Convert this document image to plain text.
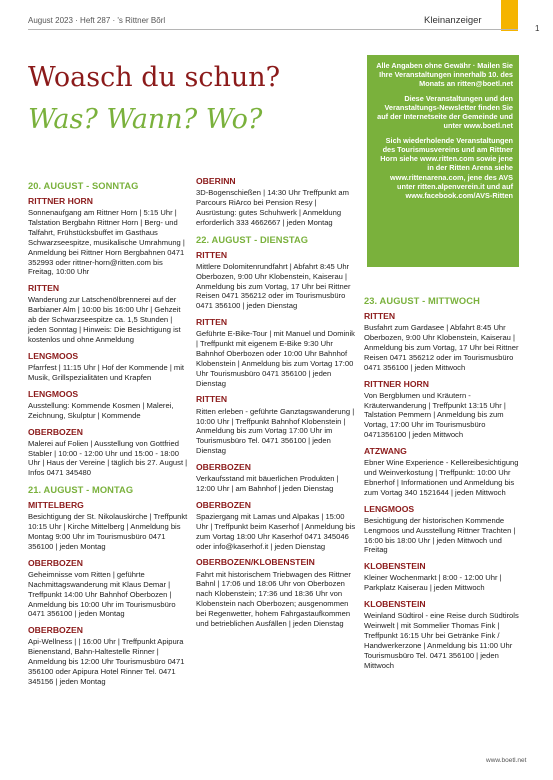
August 2023 · Heft 287 · 's Rittner Bõrl	Kleinanzeiger
1
Woasch du schun?
Was? Wann? Wo?

Alle Angaben ohne Gewähr · Mailen Sie Ihre Veranstaltungen innerhalb 10. des Monats an ritten@boetl.net

Diese Veranstaltungen und den Veranstaltungs-Newsletter finden Sie auf der Internetseite der Gemeinde und unter www.boetl.net

Sich wiederholende Veranstaltungen des Tourismusvereins und am Rittner Horn siehe www.ritten.com sowie jene in der Ritten Arena siehe www.rittenarena.com, jene des AVS unter ritten.alpenverein.it und auf www.facebook.com/AVS-Ritten

20. AUGUST - SONNTAG
RITTNER HORN

Sonnenaufgang am Rittner Horn | 5:15 Uhr | Talstation Bergbahn Rittner Horn | Berg- und Talfahrt, Frühstücksbuffet im Gasthaus Schwarzseespitze, musikalische Umrahmung | Anmeldung bei Rittner Horn Bergbahnen 0471 352993 oder rittner-horn@ritten.com bis Freitag, 10:00 Uhr

RITTEN

Wanderung zur Latschenölbrennerei auf der Barbianer Alm | 10:00 bis 16:00 Uhr | Gehzeit ab der Schwarzseespitze ca. 1,5 Stunden | jeden Sonntag | Hinweis: Die Besichtigung ist kostenlos und ohne Anmeldung

LENGMOOS

Pfarrfest | 11:15 Uhr | Hof der Kommende | mit Musik, Grillspezialitäten und Krapfen

LENGMOOS

Ausstellung: Kommende Kosmen | Malerei, Zeichnung, Skulptur | Kommende

OBERBOZEN

Malerei auf Folien | Ausstellung von Gottfried Stabler | 10:00 - 12:00 Uhr und 15:00 - 18:00 Uhr | Haus der Vereine | täglich bis 27. August | Infos 0471 345480

21. AUGUST - MONTAG
MITTELBERG

Besichtigung der St. Nikolauskirche | Treffpunkt 10:15 Uhr | Kirche Mittelberg | Anmeldung bis Montag 9:00 Uhr im Tourismusbüro 0471 356100 | jeden Montag

OBERBOZEN

Geheimnisse vom Ritten | geführte Nachmittagswanderung mit Klaus Demar | Treffpunkt 14:00 Uhr Bahnhof Oberbozen | Anmeldung bis 10:00 Uhr im Tourismusbüro 0471 356100 | jeden Montag

OBERBOZEN

Api-Wellness | | 16:00 Uhr | Treffpunkt Apipura Bienenstand, Bahn-Haltestelle Rinner | Anmeldung bis 12:00 Uhr Tourismusbüro 0471 356100 oder Apipura Hotel Rinner Tel. 0471 345156 | jeden Montag

OBERINN

3D-Bogenschießen | 14:30 Uhr Treffpunkt am Parcours RiArco bei Pension Resy | Ausrüstung: gutes Schuhwerk | Anmeldung erforderlich 333 4662667 | jeden Montag

22. AUGUST - DIENSTAG
RITTEN

Mittlere Dolomitenrundfahrt | Abfahrt 8:45 Uhr Oberbozen, 9:00 Uhr Klobenstein, Kaiserau | Anmeldung bis zum Vortag, 17 Uhr bei Rittner Reisen 0471 356212 oder im Tourismusbüro 0471 356100 | jeden Dienstag

RITTEN

Geführte E-Bike-Tour | mit Manuel und Dominik | Treffpunkt mit eigenem E-Bike 9:30 Uhr Bahnhof Oberbozen oder 10:00 Uhr Bahnhof Klobenstein | Anmeldung bis zum Vortag 17:00 Uhr Tourismusbüro 0471 356100 | jeden Dienstag

RITTEN

Ritten erleben - geführte Ganztagswanderung | 10:00 Uhr | Treffpunkt Bahnhof Klobenstein | Anmeldung bis zum Vortag 17:00 Uhr im Tourismusbüro Tel. 0471 356100 | jeden Dienstag

OBERBOZEN

Verkaufsstand mit bäuerlichen Produkten | 12:00 Uhr | am Bahnhof | jeden Dienstag

OBERBOZEN

Spaziergang mit Lamas und Alpakas | 15:00 Uhr | Treffpunkt beim Kaserhof | Anmeldung bis zum Vortag 18:00 Uhr Kaserhof 0471 345046 oder info@kaserhof.it | jeden Dienstag

OBERBOZEN/KLOBENSTEIN

Fahrt mit historischem Triebwagen des Rittner Bahnl | 17:06 und 18:06 Uhr von Oberbozen nach Klobenstein; 17:36 und 18:36 Uhr von Klobenstein nach Oberbozen; ausgenommen bei Regenwetter, hohem Fahrgastaufkommen und betrieblichen Ausfällen | jeden Dienstag

23. AUGUST - MITTWOCH
RITTEN

Busfahrt zum Gardasee | Abfahrt 8:45 Uhr Oberbozen, 9:00 Uhr Klobenstein, Kaiserau | Anmeldung bis zum Vortag, 17 Uhr bei Rittner Reisen 0471 356212 oder im Tourismusbüro 0471 356100 | jeden Mittwoch

RITTNER HORN

Von Bergblumen und Kräutern - Kräuterwanderung | Treffpunkt 13:15 Uhr | Talstation Pemmern | Anmeldung bis zum Vortag, 17:00 Uhr im Tourismusbüro 0471356100 | jeden Mittwoch

ATZWANG

Ebner Wine Experience - Kellereibesichtigung und Weinverkostung | Treffpunkt: 10:00 Uhr Ebnerhof | Informationen und Anmeldung bis zum Vortag 340 1521644 | jeden Mittwoch

LENGMOOS

Besichtigung der historischen Kommende Lengmoos und Ausstellung Rittner Trachten | 16:00 bis 18:00 Uhr | jeden Mittwoch und Freitag

KLOBENSTEIN

Kleiner Wochenmarkt | 8:00 - 12:00 Uhr | Parkplatz Kaiserau | jeden Mittwoch

KLOBENSTEIN

Weinland Südtirol - eine Reise durch Südtirols Weinwelt | mit Sommelier Thomas Fink | Treffpunkt 16:15 Uhr bei Getränke Fink / Handwerkerzone | Anmeldung bis 11:00 Uhr Tourismusbüro Tel. 0471 356100 | jeden Mittwoch

www.boetl.net
